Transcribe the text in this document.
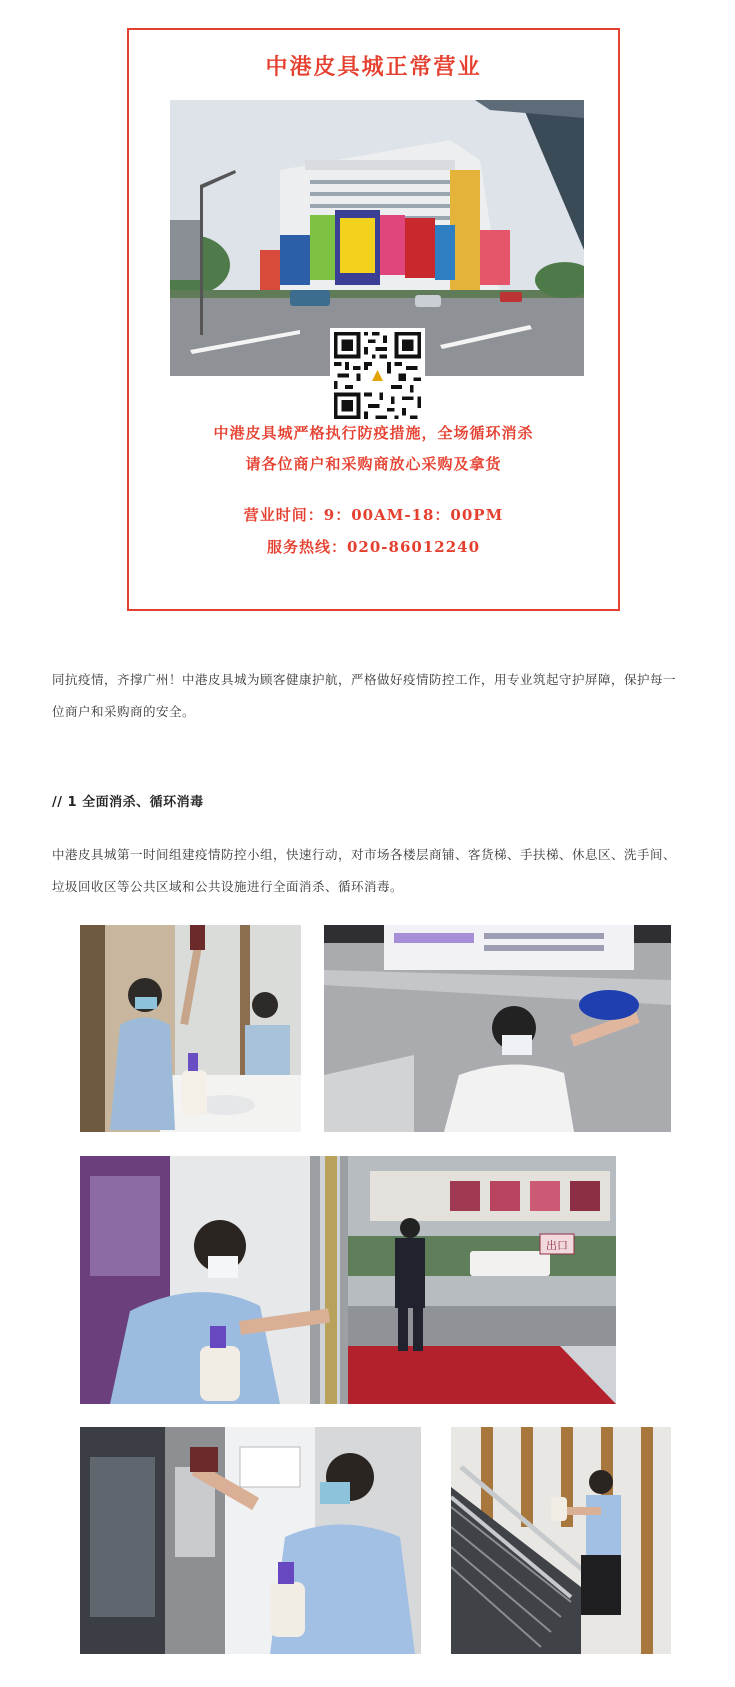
中港皮具城正常营业
中港皮具城严格执行防疫措施，全场循环消杀
请各位商户和采购商放心采购及拿货
营业时间：9：00AM-18：00PM
服务热线：020-86012240
同抗疫情，齐撑广州！中港皮具城为顾客健康护航，严格做好疫情防控工作，用专业筑起守护屏障，保护每一
位商户和采购商的安全。
// 1 全面消杀、循环消毒
中港皮具城第一时间组建疫情防控小组，快速行动，对市场各楼层商铺、客货梯、手扶梯、休息区、洗手间、
垃圾回收区等公共区域和公共设施进行全面消杀、循环消毒。
出口
